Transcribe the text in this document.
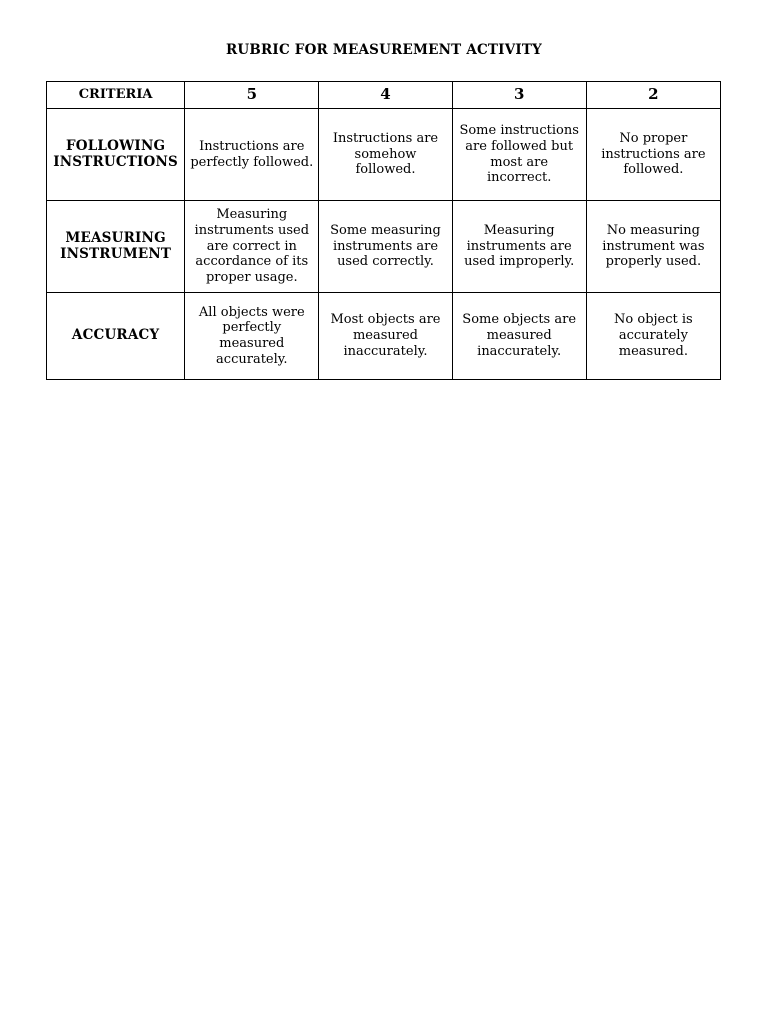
RUBRIC FOR MEASUREMENT ACTIVITY
CRITERIA	5	4	3	2
FOLLOWING INSTRUCTIONS	Instructions are perfectly followed.	Instructions are somehow followed.	Some instructions are followed but most are incorrect.	No proper instructions are followed.
MEASURING INSTRUMENT	Measuring instruments used are correct in accordance of its proper usage.	Some measuring instruments are used correctly.	Measuring instruments are used improperly.	No measuring instrument was properly used.
ACCURACY	All objects were perfectly measured accurately.	Most objects are measured inaccurately.	Some objects are measured inaccurately.	No object is accurately measured.
